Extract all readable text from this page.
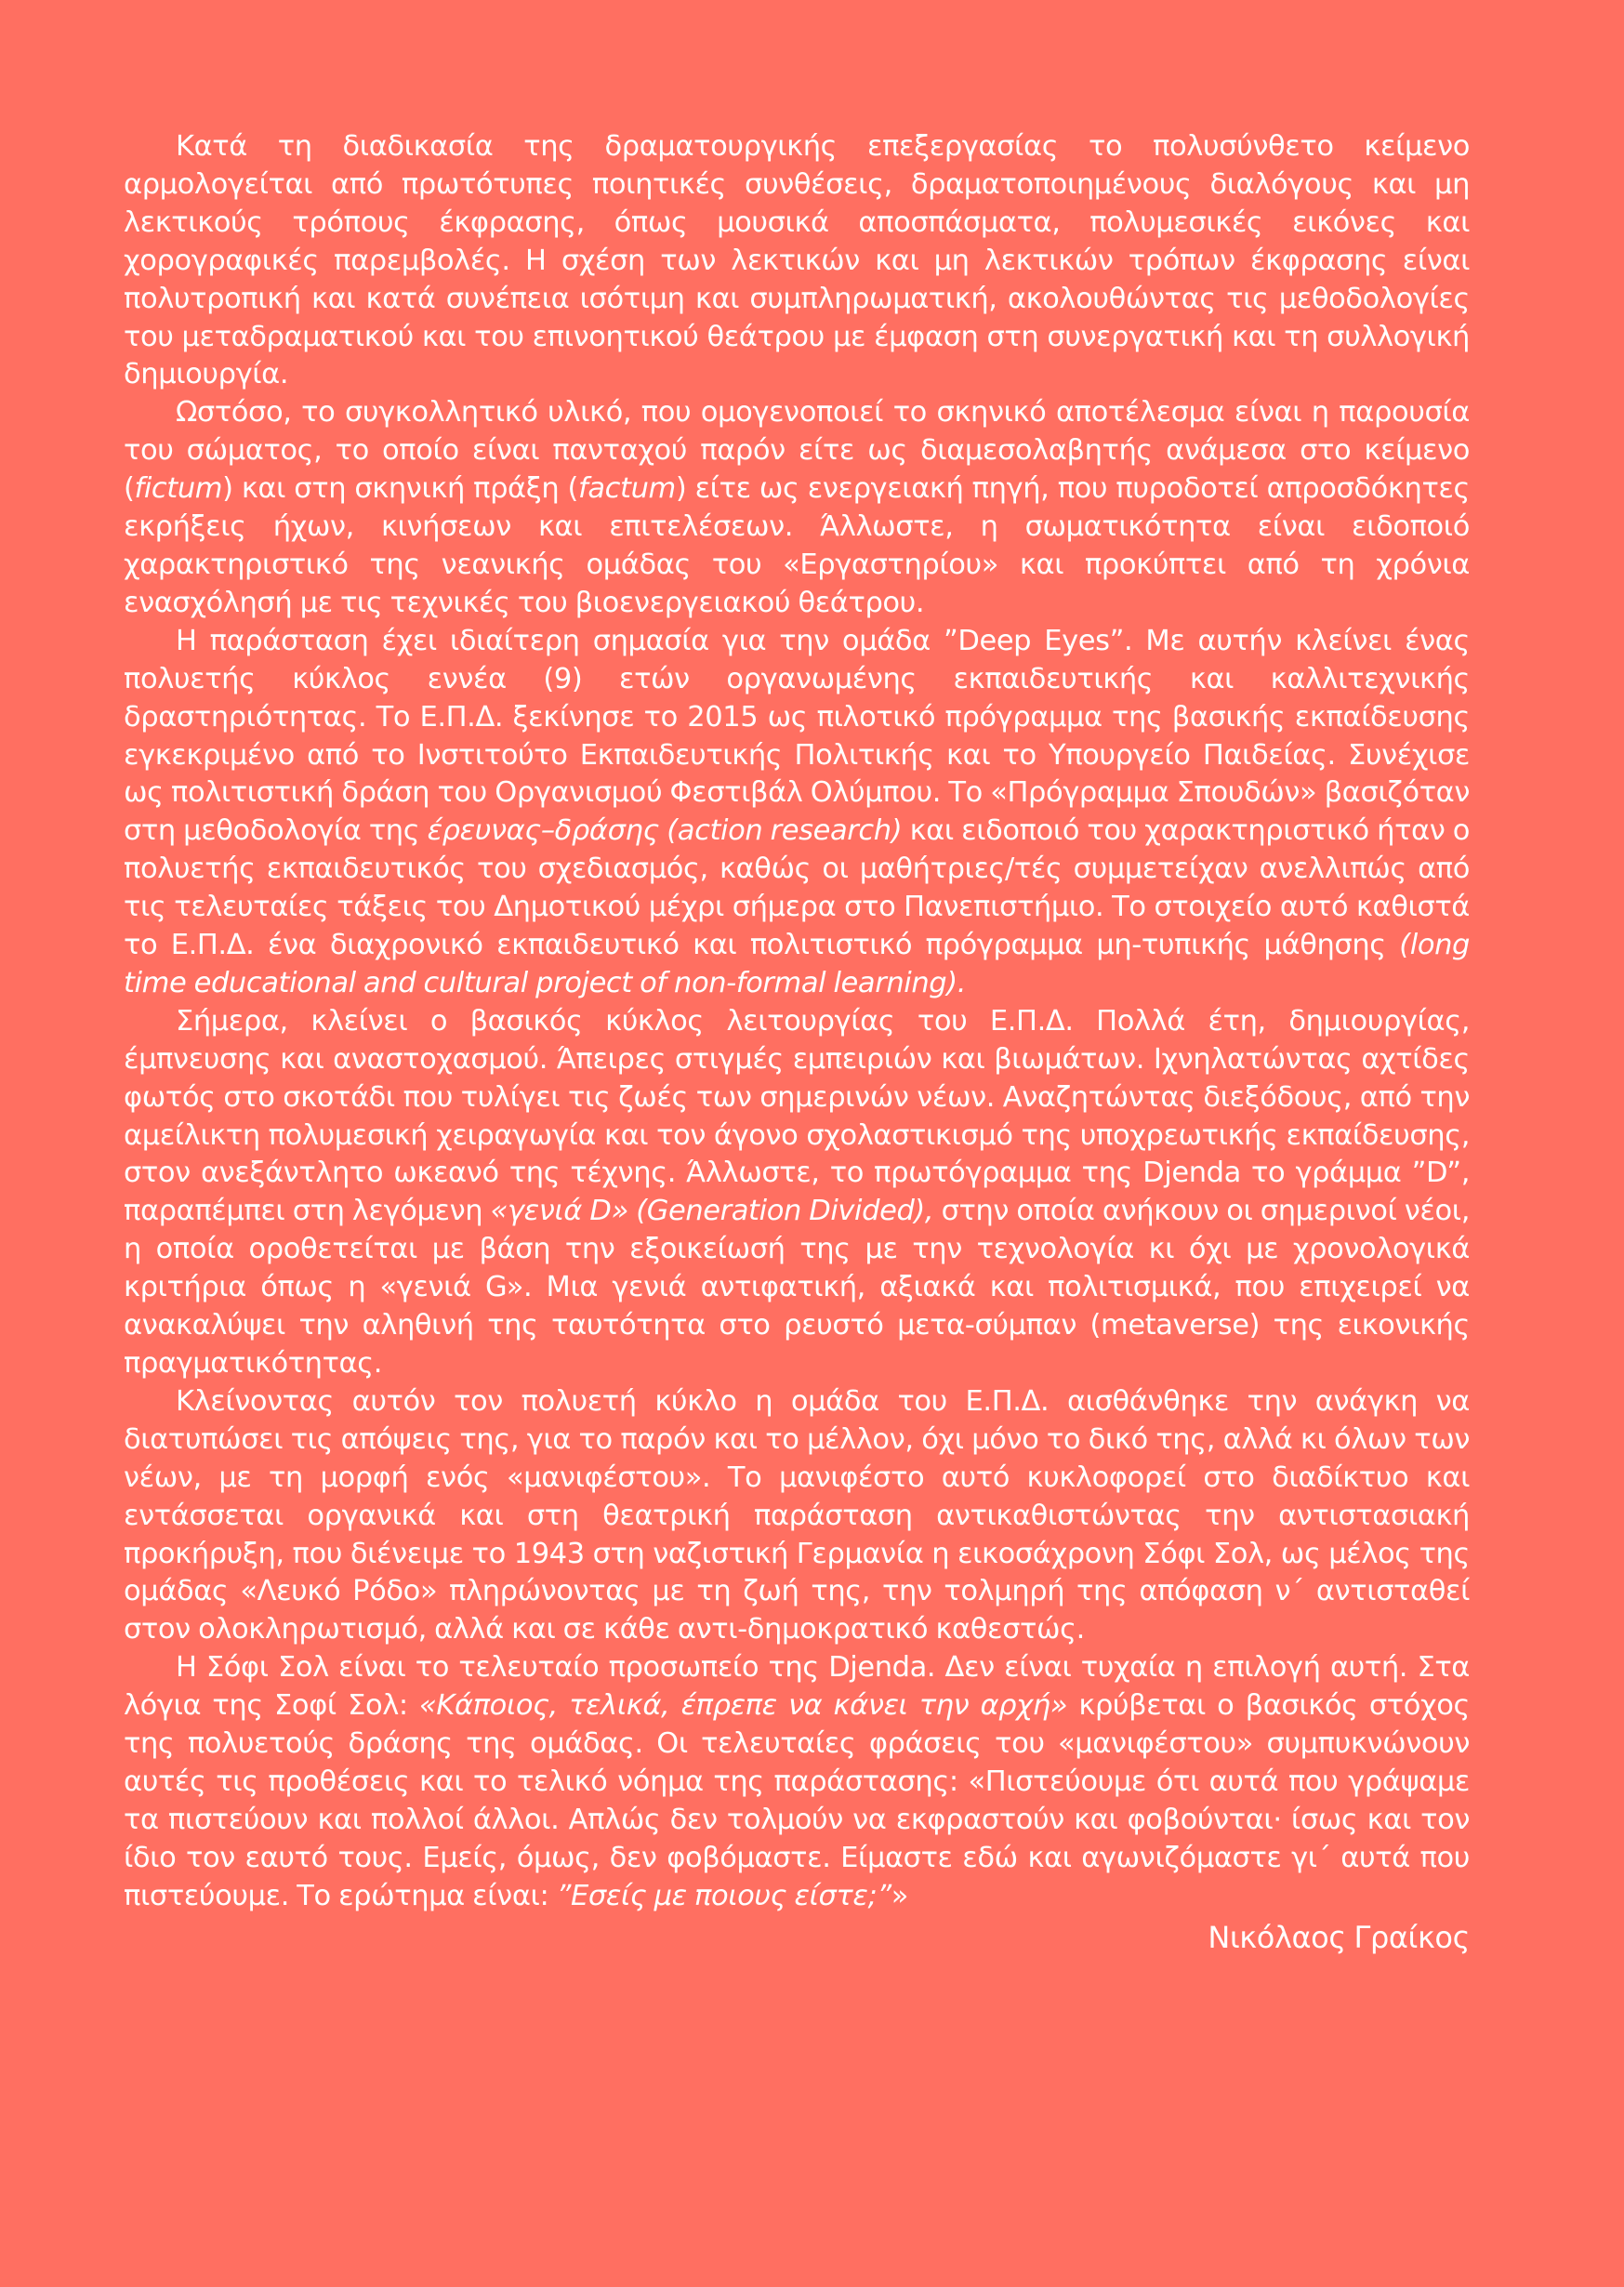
Κατά τη διαδικασία της δραματουργικής επεξεργασίας το πολυσύνθετο κείμενο αρμολογείται από πρωτότυπες ποιητικές συνθέσεις, δραματοποιημένους διαλόγους και μη λεκτικούς τρόπους έκφρασης, όπως μουσικά αποσπάσματα, πολυμεσικές εικόνες και χορογραφικές παρεμβολές. Η σχέση των λεκτικών και μη λεκτικών τρόπων έκφρασης είναι πολυτροπική και κατά συνέπεια ισότιμη και συμπληρωματική, ακολουθώντας τις μεθοδολογίες του μεταδραματικού και του επινοητικού θεάτρου με έμφαση στη συνεργατική και τη συλλογική δημιουργία.

Ωστόσο, το συγκολλητικό υλικό, που ομογενοποιεί το σκηνικό αποτέλεσμα είναι η παρουσία του σώματος, το οποίο είναι πανταχού παρόν είτε ως διαμεσολαβητής ανάμεσα στο κείμενο (fictum) και στη σκηνική πράξη (factum) είτε ως ενεργειακή πηγή, που πυροδοτεί απροσδόκητες εκρήξεις ήχων, κινήσεων και επιτελέσεων. Άλλωστε, η σωματικότητα είναι ειδοποιό χαρακτηριστικό της νεανικής ομάδας του «Εργαστηρίου» και προκύπτει από τη χρόνια ενασχόλησή με τις τεχνικές του βιοενεργειακού θεάτρου.

Η παράσταση έχει ιδιαίτερη σημασία για την ομάδα ”Deep Eyes”. Με αυτήν κλείνει ένας πολυετής κύκλος εννέα (9) ετών οργανωμένης εκπαιδευτικής και καλλιτεχνικής δραστηριότητας. Το Ε.Π.Δ. ξεκίνησε το 2015 ως πιλοτικό πρόγραμμα της βασικής εκπαίδευσης εγκεκριμένο από το Ινστιτούτο Εκπαιδευτικής Πολιτικής και το Υπουργείο Παιδείας. Συνέχισε ως πολιτιστική δράση του Οργανισμού Φεστιβάλ Ολύμπου. Το «Πρόγραμμα Σπουδών» βασιζόταν στη μεθοδολογία της έρευνας–δράσης (action research) και ειδοποιό του χαρακτηριστικό ήταν ο πολυετής εκπαιδευτικός του σχεδιασμός, καθώς οι μαθήτριες/τές συμμετείχαν ανελλιπώς από τις τελευταίες τάξεις του Δημοτικού μέχρι σήμερα στο Πανεπιστήμιο. Το στοιχείο αυτό καθιστά το Ε.Π.Δ. ένα διαχρονικό εκπαιδευτικό και πολιτιστικό πρόγραμμα μη-τυπικής μάθησης (long time educational and cultural project of non-formal learning).

Σήμερα, κλείνει ο βασικός κύκλος λειτουργίας του Ε.Π.Δ. Πολλά έτη, δημιουργίας, έμπνευσης και αναστοχασμού. Άπειρες στιγμές εμπειριών και βιωμάτων. Ιχνηλατώντας αχτίδες φωτός στο σκοτάδι που τυλίγει τις ζωές των σημερινών νέων. Αναζητώντας διεξόδους, από την αμείλικτη πολυμεσική χειραγωγία και τον άγονο σχολαστικισμό της υποχρεωτικής εκπαίδευσης, στον ανεξάντλητο ωκεανό της τέχνης. Άλλωστε, το πρωτόγραμμα της Djenda το γράμμα ”D”, παραπέμπει στη λεγόμενη «γενιά D» (Generation Divided), στην οποία ανήκουν οι σημερινοί νέοι, η οποία οροθετείται με βάση την εξοικείωσή της με την τεχνολογία κι όχι με χρονολογικά κριτήρια όπως η «γενιά G». Μια γενιά αντιφατική, αξιακά και πολιτισμικά, που επιχειρεί να ανακαλύψει την αληθινή της ταυτότητα στο ρευστό μετα-σύμπαν (metaverse) της εικονικής πραγματικότητας.

Κλείνοντας αυτόν τον πολυετή κύκλο η ομάδα του Ε.Π.Δ. αισθάνθηκε την ανάγκη να διατυπώσει τις απόψεις της, για το παρόν και το μέλλον, όχι μόνο το δικό της, αλλά κι όλων των νέων, με τη μορφή ενός «μανιφέστου». Το μανιφέστο αυτό κυκλοφορεί στο διαδίκτυο και εντάσσεται οργανικά και στη θεατρική παράσταση αντικαθιστώντας την αντιστασιακή προκήρυξη, που διένειμε το 1943 στη ναζιστική Γερμανία η εικοσάχρονη Σόφι Σολ, ως μέλος της ομάδας «Λευκό Ρόδο» πληρώνοντας με τη ζωή της, την τολμηρή της απόφαση ν΄ αντισταθεί στον ολοκληρωτισμό, αλλά και σε κάθε αντι-δημοκρατικό καθεστώς.

Η Σόφι Σολ είναι το τελευταίο προσωπείο της Djenda. Δεν είναι τυχαία η επιλογή αυτή. Στα λόγια της Σοφί Σολ: «Κάποιος, τελικά, έπρεπε να κάνει την αρχή» κρύβεται ο βασικός στόχος της πολυετούς δράσης της ομάδας. Οι τελευταίες φράσεις του «μανιφέστου» συμπυκνώνουν αυτές τις προθέσεις και το τελικό νόημα της παράστασης: «Πιστεύουμε ότι αυτά που γράψαμε τα πιστεύουν και πολλοί άλλοι. Απλώς δεν τολμούν να εκφραστούν και φοβούνται· ίσως και τον ίδιο τον εαυτό τους. Εμείς, όμως, δεν φοβόμαστε. Είμαστε εδώ και αγωνιζόμαστε γι΄ αυτά που πιστεύουμε. Το ερώτημα είναι: ”Εσείς με ποιους είστε;”»

Νικόλαος Γραίκος
